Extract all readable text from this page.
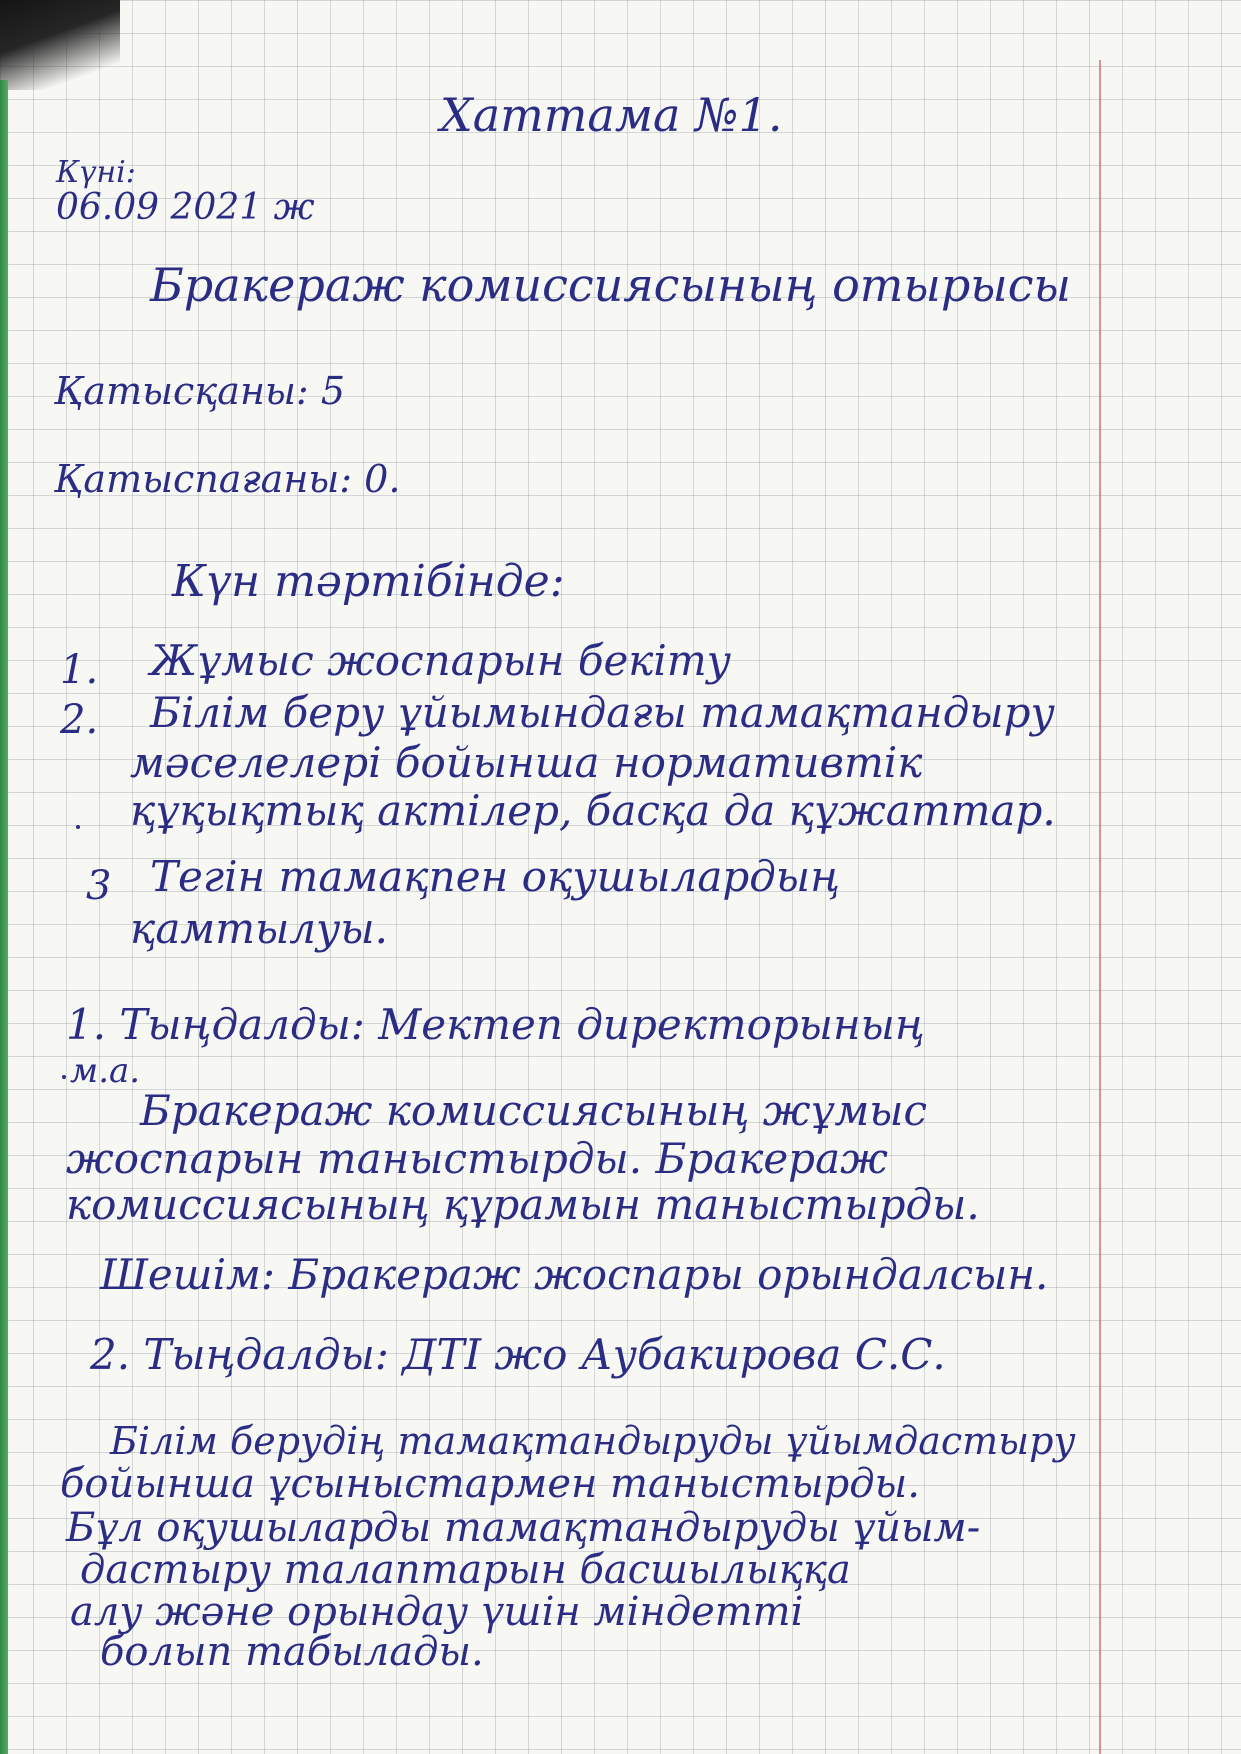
Хаттама №1.

Күні:

06.09 2021 ж

Бракераж комиссиясының отырысы

Қатысқаны: 5

Қатыспағаны: 0.

Күн тәртібінде:

1. Жұмыс жоспарын бекіту

2. Білім беру ұйымындағы тамақтандыру

мәселелері бойынша нормативтік

құқықтық актілер, басқа да құжаттар.

3 Тегін тамақпен оқушылардың

қамтылуы.

1. Тыңдалды: Мектеп директорының

м.а.

Бракераж комиссиясының жұмыс

жоспарын таныстырды. Бракераж

комиссиясының құрамын таныстырды.

Шешім: Бракераж жоспары орындалсын.

2. Тыңдалды: ДТІ жо Аубакирова С.С.

Білім берудің тамақтандыруды ұйымдастыру

бойынша ұсыныстармен таныстырды.

Бұл оқушыларды тамақтандыруды ұйым-

дастыру талаптарын басшылыққа

алу және орындау үшін міндетті

болып табылады.
